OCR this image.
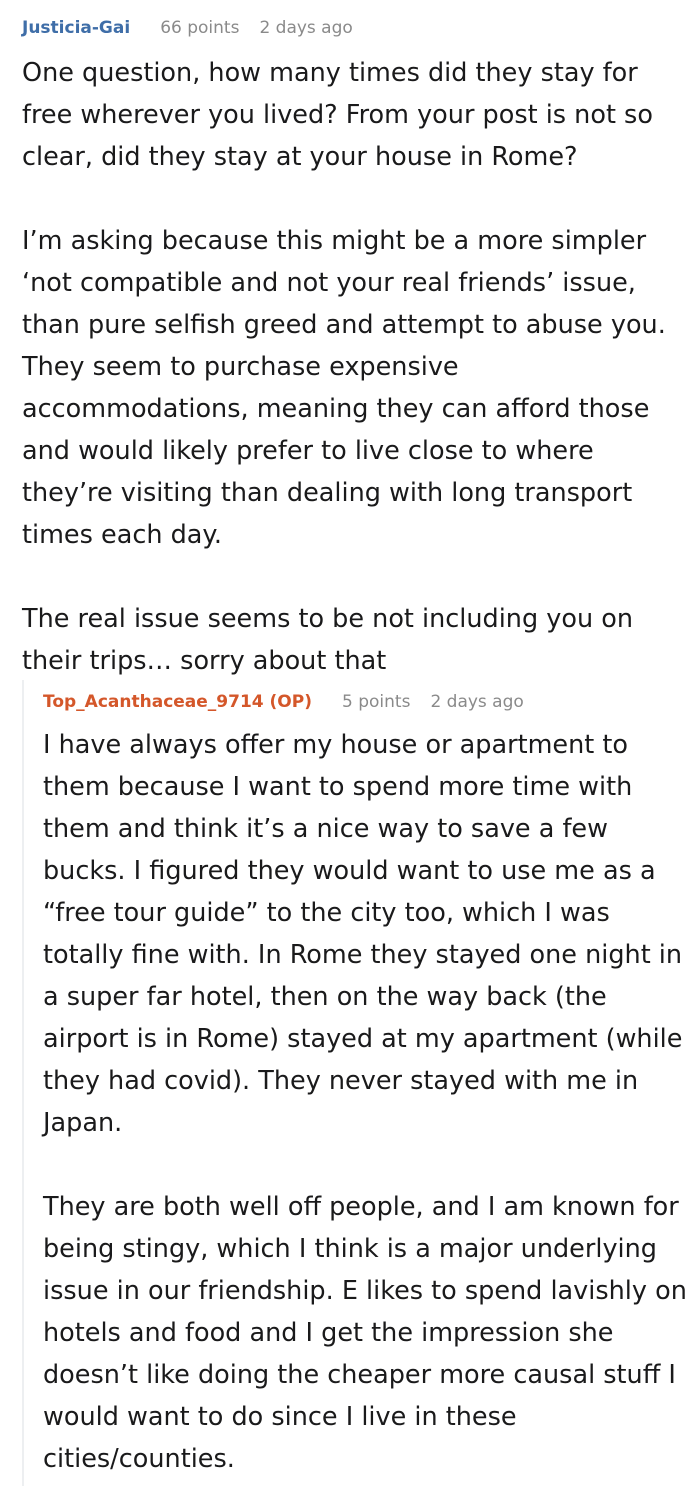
Justicia-Gai 66 points 2 days ago

One question, how many times did they stay for free wherever you lived? From your post is not so clear, did they stay at your house in Rome?

I’m asking because this might be a more simpler ‘not compatible and not your real friends’ issue, than pure selfish greed and attempt to abuse you. They seem to purchase expensive accommodations, meaning they can afford those and would likely prefer to live close to where they’re visiting than dealing with long transport times each day.

The real issue seems to be not including you on their trips… sorry about that

Top_Acanthaceae_9714 (OP) 5 points 2 days ago

I have always offer my house or apartment to them because I want to spend more time with them and think it’s a nice way to save a few bucks. I figured they would want to use me as a “free tour guide” to the city too, which I was totally fine with. In Rome they stayed one night in a super far hotel, then on the way back (the airport is in Rome) stayed at my apartment (while they had covid). They never stayed with me in Japan.

They are both well off people, and I am known for being stingy, which I think is a major underlying issue in our friendship. E likes to spend lavishly on hotels and food and I get the impression she doesn’t like doing the cheaper more causal stuff I would want to do since I live in these cities/counties.
